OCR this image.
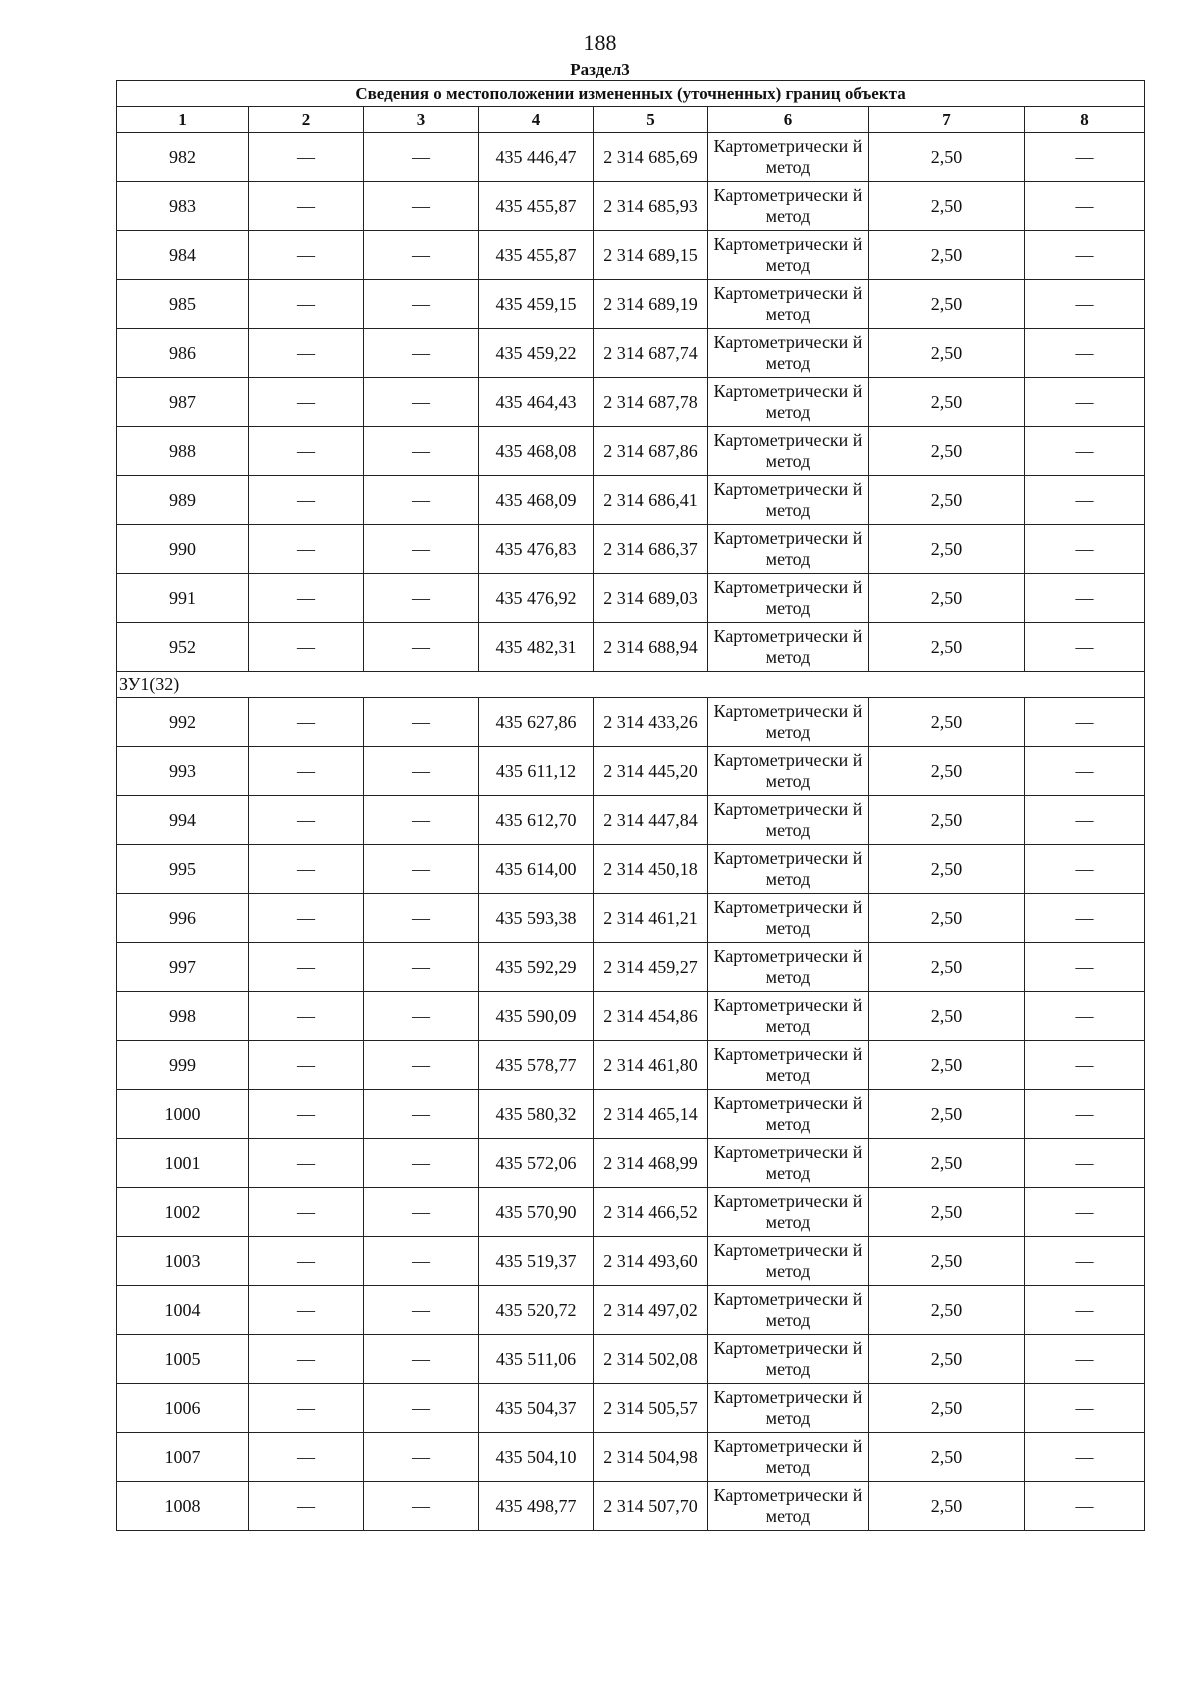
188
Раздел3
Сведения о местоположении измененных (уточненных) границ объекта							
1	2	3	4	5	6	7	8
982	—	—	435 446,47	2 314 685,69	Картометрически й метод	2,50	—
983	—	—	435 455,87	2 314 685,93	Картометрически й метод	2,50	—
984	—	—	435 455,87	2 314 689,15	Картометрически й метод	2,50	—
985	—	—	435 459,15	2 314 689,19	Картометрически й метод	2,50	—
986	—	—	435 459,22	2 314 687,74	Картометрически й метод	2,50	—
987	—	—	435 464,43	2 314 687,78	Картометрически й метод	2,50	—
988	—	—	435 468,08	2 314 687,86	Картометрически й метод	2,50	—
989	—	—	435 468,09	2 314 686,41	Картометрически й метод	2,50	—
990	—	—	435 476,83	2 314 686,37	Картометрически й метод	2,50	—
991	—	—	435 476,92	2 314 689,03	Картометрически й метод	2,50	—
952	—	—	435 482,31	2 314 688,94	Картометрически й метод	2,50	—
ЗУ1(32)							
992	—	—	435 627,86	2 314 433,26	Картометрически й метод	2,50	—
993	—	—	435 611,12	2 314 445,20	Картометрически й метод	2,50	—
994	—	—	435 612,70	2 314 447,84	Картометрически й метод	2,50	—
995	—	—	435 614,00	2 314 450,18	Картометрически й метод	2,50	—
996	—	—	435 593,38	2 314 461,21	Картометрически й метод	2,50	—
997	—	—	435 592,29	2 314 459,27	Картометрически й метод	2,50	—
998	—	—	435 590,09	2 314 454,86	Картометрически й метод	2,50	—
999	—	—	435 578,77	2 314 461,80	Картометрически й метод	2,50	—
1000	—	—	435 580,32	2 314 465,14	Картометрически й метод	2,50	—
1001	—	—	435 572,06	2 314 468,99	Картометрически й метод	2,50	—
1002	—	—	435 570,90	2 314 466,52	Картометрически й метод	2,50	—
1003	—	—	435 519,37	2 314 493,60	Картометрически й метод	2,50	—
1004	—	—	435 520,72	2 314 497,02	Картометрически й метод	2,50	—
1005	—	—	435 511,06	2 314 502,08	Картометрически й метод	2,50	—
1006	—	—	435 504,37	2 314 505,57	Картометрически й метод	2,50	—
1007	—	—	435 504,10	2 314 504,98	Картометрически й метод	2,50	—
1008	—	—	435 498,77	2 314 507,70	Картометрически й метод	2,50	—
